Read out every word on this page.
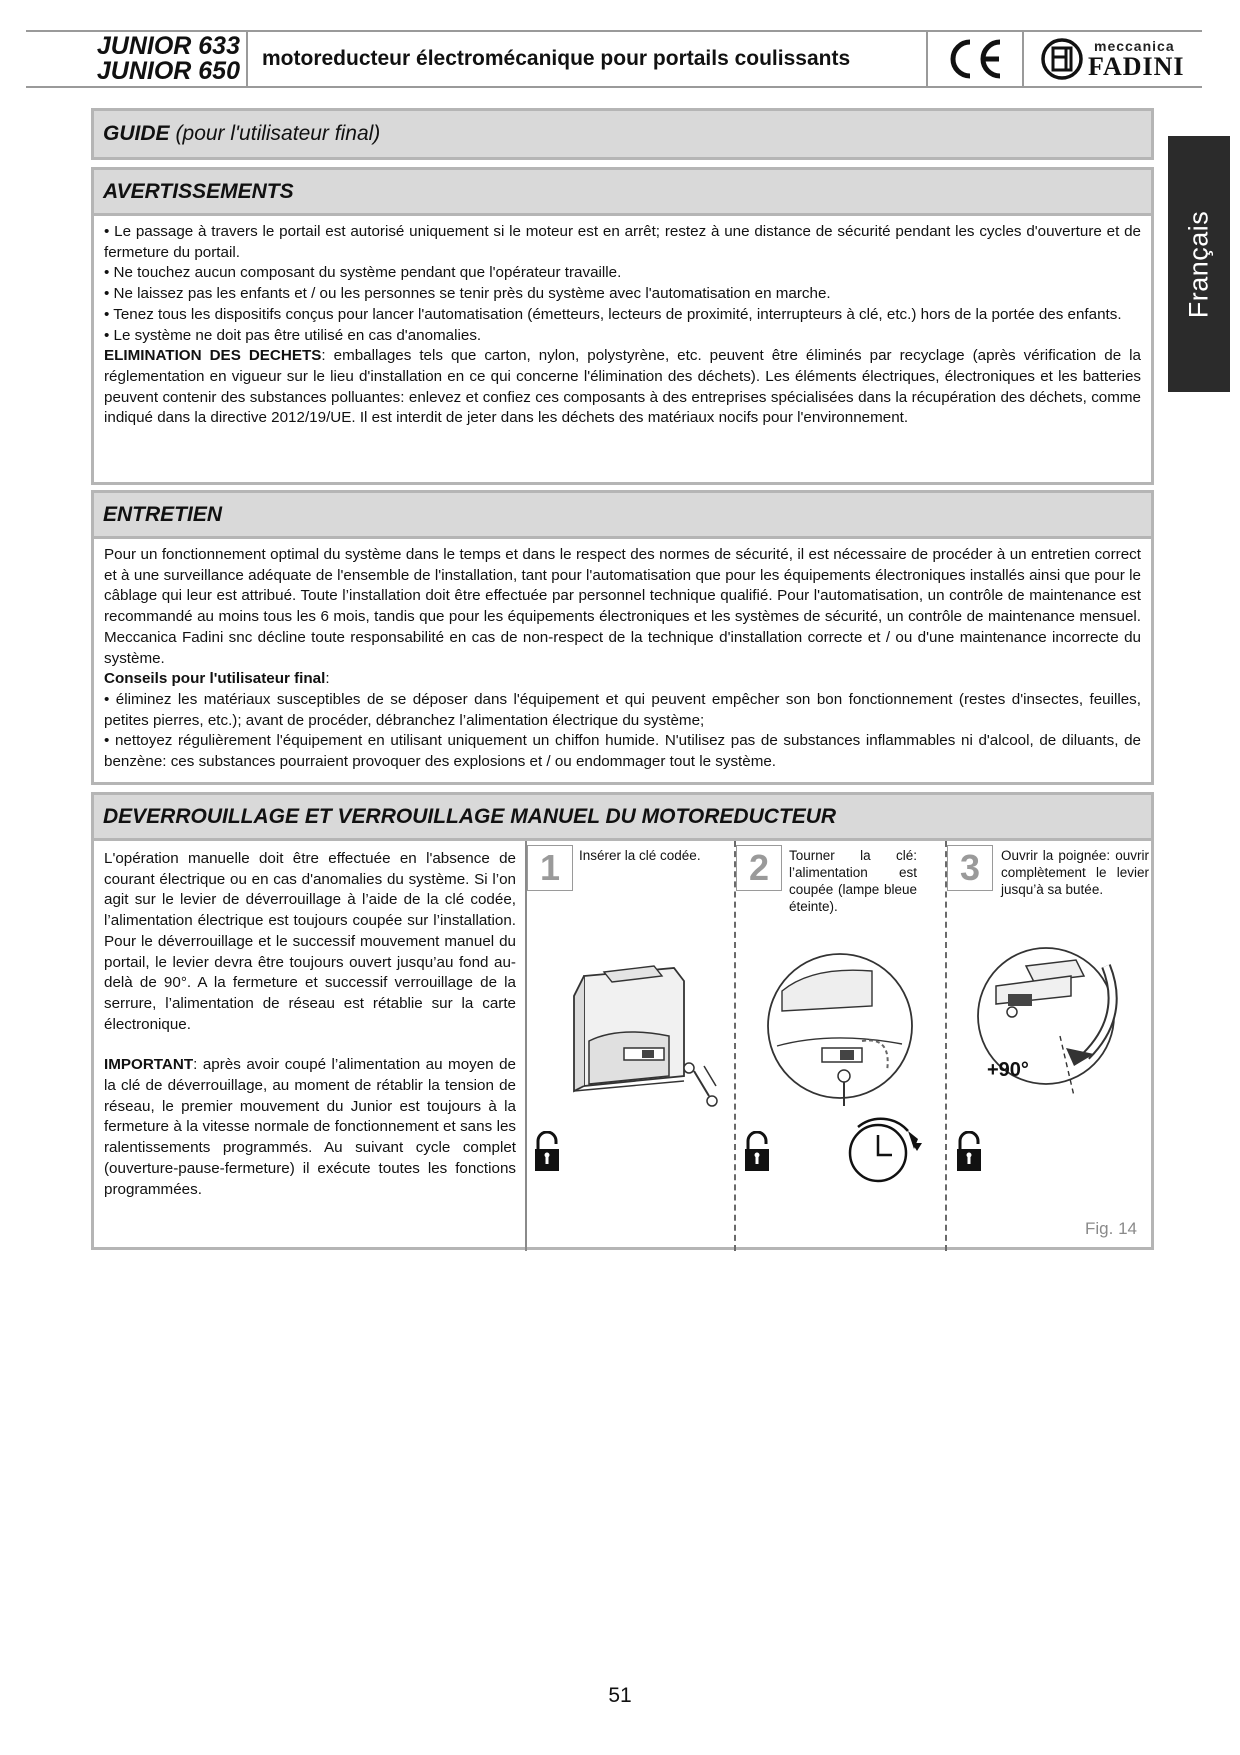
JUNIOR 633
JUNIOR 650 motoreducteur électromécanique pour portails coulissants
meccanica
FADINI
Français
GUIDE (pour l'utilisateur final)
AVERTISSEMENTS

• Le passage à travers le portail est autorisé uniquement si le moteur est en arrêt; restez à une distance de sécurité pendant les cycles d'ouverture et de fermeture du portail.

• Ne touchez aucun composant du système pendant que l'opérateur travaille.

• Ne laissez pas les enfants et / ou les personnes se tenir près du système avec l'automatisation en marche.

• Tenez tous les dispositifs conçus pour lancer l'automatisation (émetteurs, lecteurs de proximité, interrupteurs à clé, etc.) hors de la portée des enfants.

• Le système ne doit pas être utilisé en cas d'anomalies.

ELIMINATION DES DECHETS: emballages tels que carton, nylon, polystyrène, etc. peuvent être éliminés par recyclage (après vérification de la réglementation en vigueur sur le lieu d'installation en ce qui concerne l'élimination des déchets). Les éléments électriques, électroniques et les batteries peuvent contenir des substances polluantes: enlevez et confiez ces composants à des entreprises spécialisées dans la récupération des déchets, comme indiqué dans la directive 2012/19/UE. Il est interdit de jeter dans les déchets des matériaux nocifs pour l'environnement.

ENTRETIEN

Pour un fonctionnement optimal du système dans le temps et dans le respect des normes de sécurité, il est nécessaire de procéder à un entretien correct et à une surveillance adéquate de l'ensemble de l'installation, tant pour l'automatisation que pour les équipements électroniques installés ainsi que pour le câblage qui leur est attribué. Toute l’installation doit être effectuée par personnel technique qualifié. Pour l'automatisation, un contrôle de maintenance est recommandé au moins tous les 6 mois, tandis que pour les équipements électroniques et les systèmes de sécurité, un contrôle de maintenance mensuel. Meccanica Fadini snc décline toute responsabilité en cas de non-respect de la technique d'installation correcte et / ou d'une maintenance incorrecte du système.

Conseils pour l'utilisateur final:

• éliminez les matériaux susceptibles de se déposer dans l'équipement et qui peuvent empêcher son bon fonctionnement (restes d'insectes, feuilles, petites pierres, etc.); avant de procéder, débranchez l’alimentation électrique du système;

• nettoyez régulièrement l'équipement en utilisant uniquement un chiffon humide. N'utilisez pas de substances inflammables ni d'alcool, de diluants, de benzène: ces substances pourraient provoquer des explosions et / ou endommager tout le système.

DEVERROUILLAGE ET VERROUILLAGE MANUEL DU MOTOREDUCTEUR

L'opération manuelle doit être effectuée en l'absence de courant électrique ou en cas d'anomalies du système. Si l’on agit sur le levier de déverrouillage à l’aide de la clé codée, l’alimentation électrique est toujours coupée sur l’installation. Pour le déverrouillage et le successif mouvement manuel du portail, le levier devra être toujours ouvert jusqu’au fond au-delà de 90°. A la fermeture et successif verrouillage de la serrure, l’alimentation de réseau est rétablie sur la carte électronique.

IMPORTANT: après avoir coupé l’alimentation au moyen de la clé de déverrouillage, au moment de rétablir la tension de réseau, le premier mouvement du Junior est toujours à la fermeture à la vitesse normale de fonctionnement et sans les ralentissements programmés. Au suivant cycle complet (ouverture-pause-fermeture) il exécute toutes les fonctions programmées.

1	Insérer la clé codée.	2	Tourner la clé: l’alimentation est coupée (lampe bleue éteinte).
3	Ouvrir la poignée: ouvrir complètement le levier jusqu’à sa butée.
+90°
Fig. 14
51
